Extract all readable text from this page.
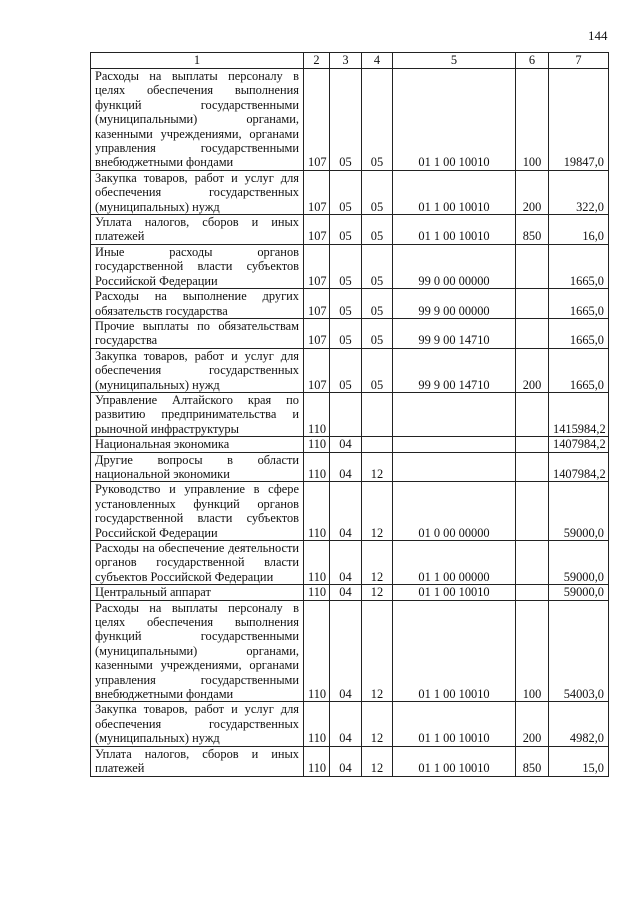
144
1	2	3	4	5	6	7
Расходы на выплаты персоналу в целях обеспечения выполнения функций государственными (муниципальными) органами, казенными учреждениями, органами управления государственными внебюджетными фондами	107	05	05	01 1 00 10010	100	19847,0
Закупка товаров, работ и услуг для обеспечения государственных (муниципальных) нужд	107	05	05	01 1 00 10010	200	322,0
Уплата налогов, сборов и иных платежей	107	05	05	01 1 00 10010	850	16,0
Иные расходы органов государственной власти субъектов Российской Федерации	107	05	05	99 0 00 00000		1665,0
Расходы на выполнение других обязательств государства	107	05	05	99 9 00 00000		1665,0
Прочие выплаты по обязательствам государства	107	05	05	99 9 00 14710		1665,0
Закупка товаров, работ и услуг для обеспечения государственных (муниципальных) нужд	107	05	05	99 9 00 14710	200	1665,0
Управление Алтайского края по развитию предпринимательства и рыночной инфраструктуры	110					1415984,2
Национальная экономика	110	04				1407984,2
Другие вопросы в области национальной экономики	110	04	12			1407984,2
Руководство и управление в сфере установленных функций органов государственной власти субъектов Российской Федерации	110	04	12	01 0 00 00000		59000,0
Расходы на обеспечение деятельности органов государственной власти субъектов Российской Федерации	110	04	12	01 1 00 00000		59000,0
Центральный аппарат	110	04	12	01 1 00 10010		59000,0
Расходы на выплаты персоналу в целях обеспечения выполнения функций государственными (муниципальными) органами, казенными учреждениями, органами управления государственными внебюджетными фондами	110	04	12	01 1 00 10010	100	54003,0
Закупка товаров, работ и услуг для обеспечения государственных (муниципальных) нужд	110	04	12	01 1 00 10010	200	4982,0
Уплата налогов, сборов и иных платежей	110	04	12	01 1 00 10010	850	15,0
